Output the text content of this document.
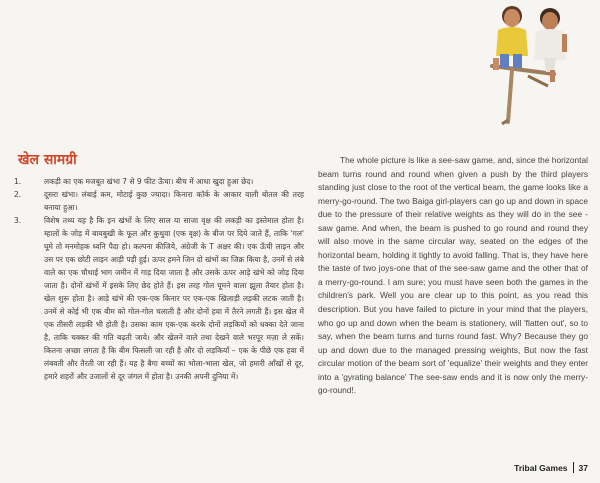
खेल सामग्री
1.	लकड़ी का एक मजबूत खंभा 7 से 9 फीट ऊँचा। बीच में आधा खुदा हुआ छेद।
2.	दूसरा खंभा। लंबाई कम, मोटाई कुछ ज्यादा। किनारा कॉर्क के आकार वाली बोतल की तरह बनाया हुआ।
3.	विशेष तथ्य यह है कि इन खंभों के लिए साल या साजा वृक्ष की लकड़ी का इस्तेमाल होता है। म्हालों के जोड़ में बायबुखी के फूल और कुथुवा (एक वृक्ष) के बीज पर दिये जाते हैं, ताकि 'गल' घूमे तो मनमोहक ध्वनि पैदा हो। कल्पना कीजिये, अंग्रेजी के T अक्षर की। एक ऊँची लाइन और उस पर एक छोटी लाइन आड़ी पड़ी हुई। ऊपर हमने जिन दो खंभों का जिक्र किया है, उनमें से लंबे वाले का एक चौथाई भाग जमीन में गाड़ दिया जाता है और उसके ऊपर आड़े खंभे को जोड़ दिया जाता है। दोनों खंभों में इसके लिए छेद होते हैं। इस तरह गोल घूमने वाला झूला तैयार होता है। खेल शुरू होता है। आड़े खंभे की एक-एक किनार पर एक-एक खिलाड़ी लड़की लटक जाती है। उनमें से कोई भी एक बीम को गोल-गोल चलाती है और दोनों हवा में तैरने लगती हैं। इस खेल में एक तीसरी लड़की भी होती है। उसका काम एक-एक करके दोनों लड़कियों को धक्का देते जाना है, ताकि चक्कर की गति बढ़ती जाये। और खेलने वाले तथा देखने वाले भरपूर मज़ा ले सकें। कितना अच्छा लगता है कि बीम फिसली जा रही है और दो लड़कियाँ – एक के पीछे एक हवा में लंबवती और तैरती जा रही हैं। यह है बैगा बच्चों का भोला-भाला खेल, जो हमारी आँखों से दूर, हमारे शहरों और उजालों से दूर जंगल में होता है। उनकी अपनी दुनिया में।

The whole picture is like a see-saw game, and, since the horizontal beam turns round and round when given a push by the third players standing just close to the root of the vertical beam, the game looks like a merry-go-round. The two Baiga girl-players can go up and down in space due to the pressure of their relative weights as they will do in the see -saw game. And when, the beam is pushed to go round and round they will also move in the same circular way, seated on the edges of the horizontal beam, holding it tightly to avoid falling. That is, they have here the taste of two joys-one that of the see-saw game and the other that of a merry-go-round. I am sure; you must have seen both the games in the children's park. Well you are clear up to this point, as you read this description. But you have failed to picture in your mind that the players, who go up and down when the beam is stationery, will 'flatten out', so to say, when the beam turns and turns round fast. Why? Because they go up and down due to the managed pressing weights, But now the fast circular motion of the beam sort of 'equalize' their weights and they enter into a 'gyrating balance' The see-saw ends and it is now only the merry-go-round!.

Tribal Games 37
